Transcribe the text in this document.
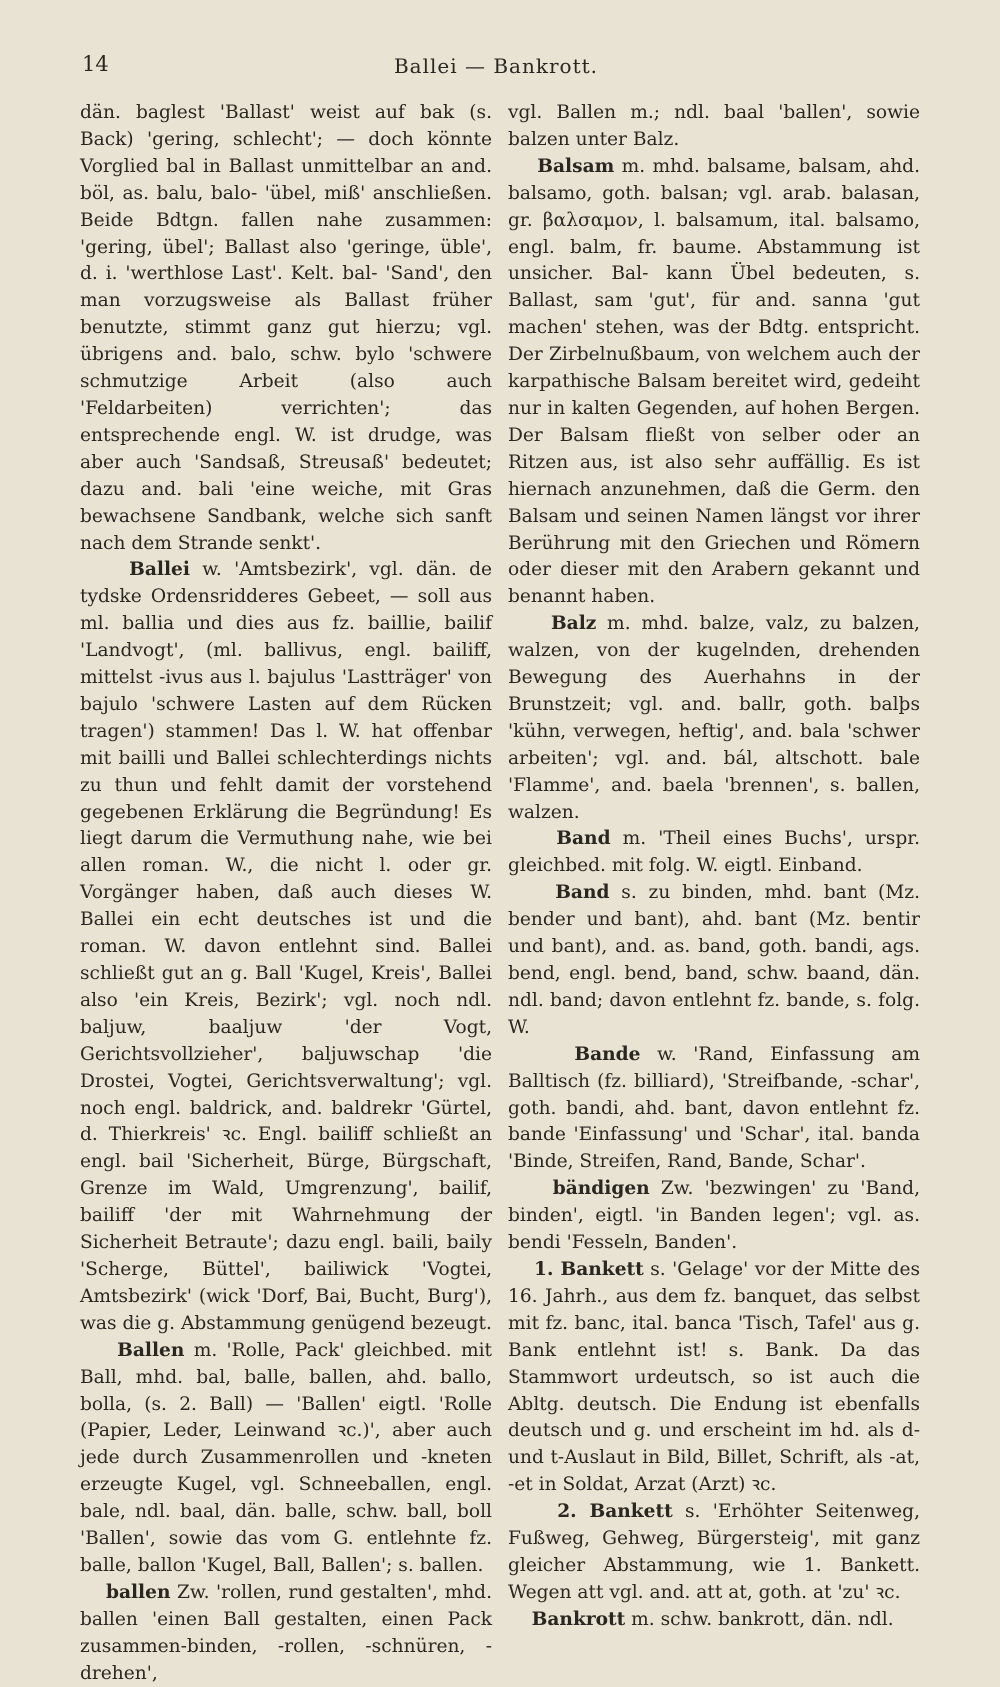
14	Ballei — Bankrott.

dän. baglest 'Ballast' weist auf bak (s. Back) 'gering, schlecht'; — doch könnte Vorglied bal in Ballast unmittelbar an and. böl, as. balu, balo- 'übel, miß' anschließen. Beide Bdtgn. fallen nahe zusammen: 'gering, übel'; Ballast also 'geringe, üble', d. i. 'werthlose Last'. Kelt. bal- 'Sand', den man vorzugsweise als Ballast früher benutzte, stimmt ganz gut hierzu; vgl. übrigens and. balo, schw. bylo 'schwere schmutzige Arbeit (also auch 'Feldarbeiten) verrichten'; das entsprechende engl. W. ist drudge, was aber auch 'Sandsaß, Streusaß' bedeutet; dazu and. bali 'eine weiche, mit Gras bewachsene Sandbank, welche sich sanft nach dem Strande senkt'.

Ballei w. 'Amtsbezirk', vgl. dän. de tydske Ordensridderes Gebeet, — soll aus ml. ballia und dies aus fz. baillie, bailif 'Landvogt', (ml. ballivus, engl. bailiff, mittelst -ivus aus l. bajulus 'Lastträger' von bajulo 'schwere Lasten auf dem Rücken tragen') stammen! Das l. W. hat offenbar mit bailli und Ballei schlechterdings nichts zu thun und fehlt damit der vorstehend gegebenen Erklärung die Begründung! Es liegt darum die Vermuthung nahe, wie bei allen roman. W., die nicht l. oder gr. Vorgänger haben, daß auch dieses W. Ballei ein echt deutsches ist und die roman. W. davon entlehnt sind. Ballei schließt gut an g. Ball 'Kugel, Kreis', Ballei also 'ein Kreis, Bezirk'; vgl. noch ndl. baljuw, baaljuw 'der Vogt, Gerichtsvollzieher', baljuwschap 'die Drostei, Vogtei, Gerichtsverwaltung'; vgl. noch engl. baldrick, and. baldrekr 'Gürtel, d. Thierkreis' ꝛc. Engl. bailiff schließt an engl. bail 'Sicherheit, Bürge, Bürgschaft, Grenze im Wald, Umgrenzung', bailif, bailiff 'der mit Wahrnehmung der Sicherheit Betraute'; dazu engl. baili, baily 'Scherge, Büttel', bailiwick 'Vogtei, Amtsbezirk' (wick 'Dorf, Bai, Bucht, Burg'), was die g. Abstammung genügend bezeugt.

Ballen m. 'Rolle, Pack' gleichbed. mit Ball, mhd. bal, balle, ballen, ahd. ballo, bolla, (s. 2. Ball) — 'Ballen' eigtl. 'Rolle (Papier, Leder, Leinwand ꝛc.)', aber auch jede durch Zusammenrollen und -kneten erzeugte Kugel, vgl. Schneeballen, engl. bale, ndl. baal, dän. balle, schw. ball, boll 'Ballen', sowie das vom G. entlehnte fz. balle, ballon 'Kugel, Ball, Ballen'; s. ballen.

ballen Zw. 'rollen, rund gestalten', mhd. ballen 'einen Ball gestalten, einen Pack zusammen-binden, -rollen, -schnüren, -drehen',

vgl. Ballen m.; ndl. baal 'ballen', sowie balzen unter Balz.

Balsam m. mhd. balsame, balsam, ahd. balsamo, goth. balsan; vgl. arab. balasan, gr. βαλσαμον, l. balsamum, ital. balsamo, engl. balm, fr. baume. Abstammung ist unsicher. Bal- kann Übel bedeuten, s. Ballast, sam 'gut', für and. sanna 'gut machen' stehen, was der Bdtg. entspricht. Der Zirbelnußbaum, von welchem auch der karpathische Balsam bereitet wird, gedeiht nur in kalten Gegenden, auf hohen Bergen. Der Balsam fließt von selber oder an Ritzen aus, ist also sehr auffällig. Es ist hiernach anzunehmen, daß die Germ. den Balsam und seinen Namen längst vor ihrer Berührung mit den Griechen und Römern oder dieser mit den Arabern gekannt und benannt haben.

Balz m. mhd. balze, valz, zu balzen, walzen, von der kugelnden, drehenden Bewegung des Auerhahns in der Brunstzeit; vgl. and. ballr, goth. balþs 'kühn, verwegen, heftig', and. bala 'schwer arbeiten'; vgl. and. bál, altschott. bale 'Flamme', and. baela 'brennen', s. ballen, walzen.

Band m. 'Theil eines Buchs', urspr. gleichbed. mit folg. W. eigtl. Einband.

Band s. zu binden, mhd. bant (Mz. bender und bant), ahd. bant (Mz. bentir und bant), and. as. band, goth. bandi, ags. bend, engl. bend, band, schw. baand, dän. ndl. band; davon entlehnt fz. bande, s. folg. W.

Bande w. 'Rand, Einfassung am Balltisch (fz. billiard), 'Streifbande, -schar', goth. bandi, ahd. bant, davon entlehnt fz. bande 'Einfassung' und 'Schar', ital. banda 'Binde, Streifen, Rand, Bande, Schar'.

bändigen Zw. 'bezwingen' zu 'Band, binden', eigtl. 'in Banden legen'; vgl. as. bendi 'Fesseln, Banden'.

1. Bankett s. 'Gelage' vor der Mitte des 16. Jahrh., aus dem fz. banquet, das selbst mit fz. banc, ital. banca 'Tisch, Tafel' aus g. Bank entlehnt ist! s. Bank. Da das Stammwort urdeutsch, so ist auch die Abltg. deutsch. Die Endung ist ebenfalls deutsch und g. und erscheint im hd. als d- und t-Auslaut in Bild, Billet, Schrift, als -at, -et in Soldat, Arzat (Arzt) ꝛc.

2. Bankett s. 'Erhöhter Seitenweg, Fußweg, Gehweg, Bürgersteig', mit ganz gleicher Abstammung, wie 1. Bankett. Wegen att vgl. and. att at, goth. at 'zu' ꝛc.

Bankrott m. schw. bankrott, dän. ndl.
